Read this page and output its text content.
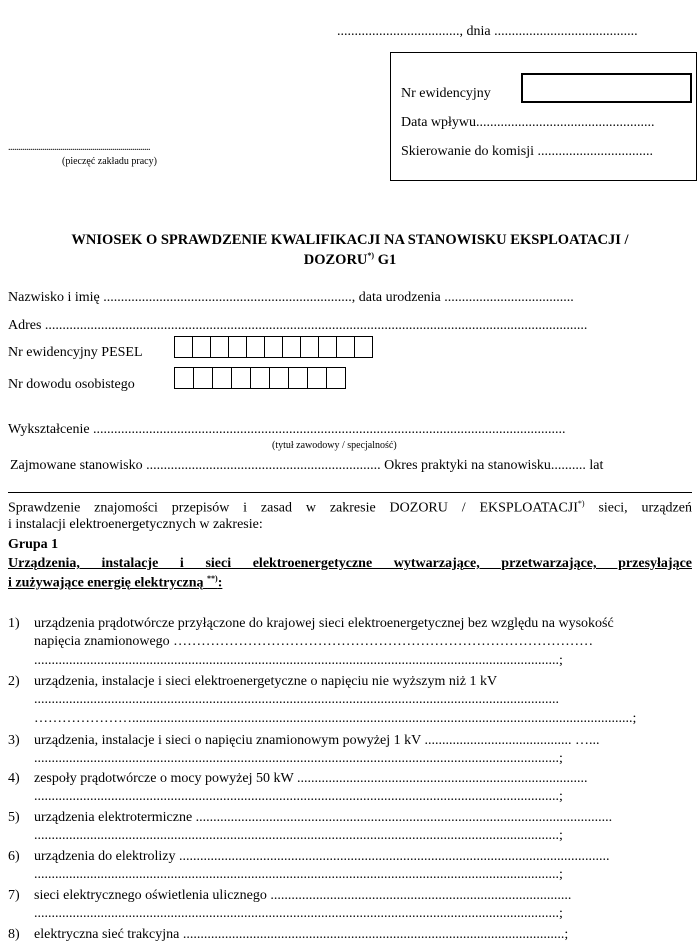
..................................., dnia .........................................
.......................................................................
(pieczęć zakładu pracy)
Nr ewidencyjny
Data wpływu...................................................
Skierowanie do komisji .................................
WNIOSEK O SPRAWDZENIE KWALIFIKACJI NA STANOWISKU EKSPLOATACJI /
DOZORU*) G1
Nazwisko i imię ......................................................................., data urodzenia .....................................
Adres ...........................................................................................................................................................
Nr ewidencyjny PESEL
Nr dowodu osobistego
Wykształcenie .......................................................................................................................................
(tytuł zawodowy / specjalność)
Zajmowane stanowisko ................................................................... Okres praktyki na stanowisku.......... lat
Sprawdzenie znajomości przepisów i zasad w zakresie DOZORU / EKSPLOATACJI*) sieci, urządzeń
i instalacji elektroenergetycznych w zakresie:
Grupa 1
Urządzenia, instalacje i sieci elektroenergetyczne wytwarzające, przetwarzające, przesyłające
i zużywające energię elektryczną **):
1) urządzenia prądotwórcze przyłączone do krajowej sieci elektroenergetycznej bez względu na wysokość
napięcia znamionowego ………………………………………………………………………………
......................................................................................................................................................;
2) urządzenia, instalacje i sieci elektroenergetyczne o napięciu nie wyższym niż 1 kV
......................................................................................................................................................
…………………...............................................................................................................................................;
3) urządzenia, instalacje i sieci o napięciu znamionowym powyżej 1 kV .......................................... …...
......................................................................................................................................................;
4) zespoły prądotwórcze o mocy powyżej 50 kW ...................................................................................
......................................................................................................................................................;
5) urządzenia elektrotermiczne .......................................................................................................................
......................................................................................................................................................;
6) urządzenia do elektrolizy ...........................................................................................................................
......................................................................................................................................................;
7) sieci elektrycznego oświetlenia ulicznego ......................................................................................
......................................................................................................................................................;
8) elektryczna sieć trakcyjna .............................................................................................................;
